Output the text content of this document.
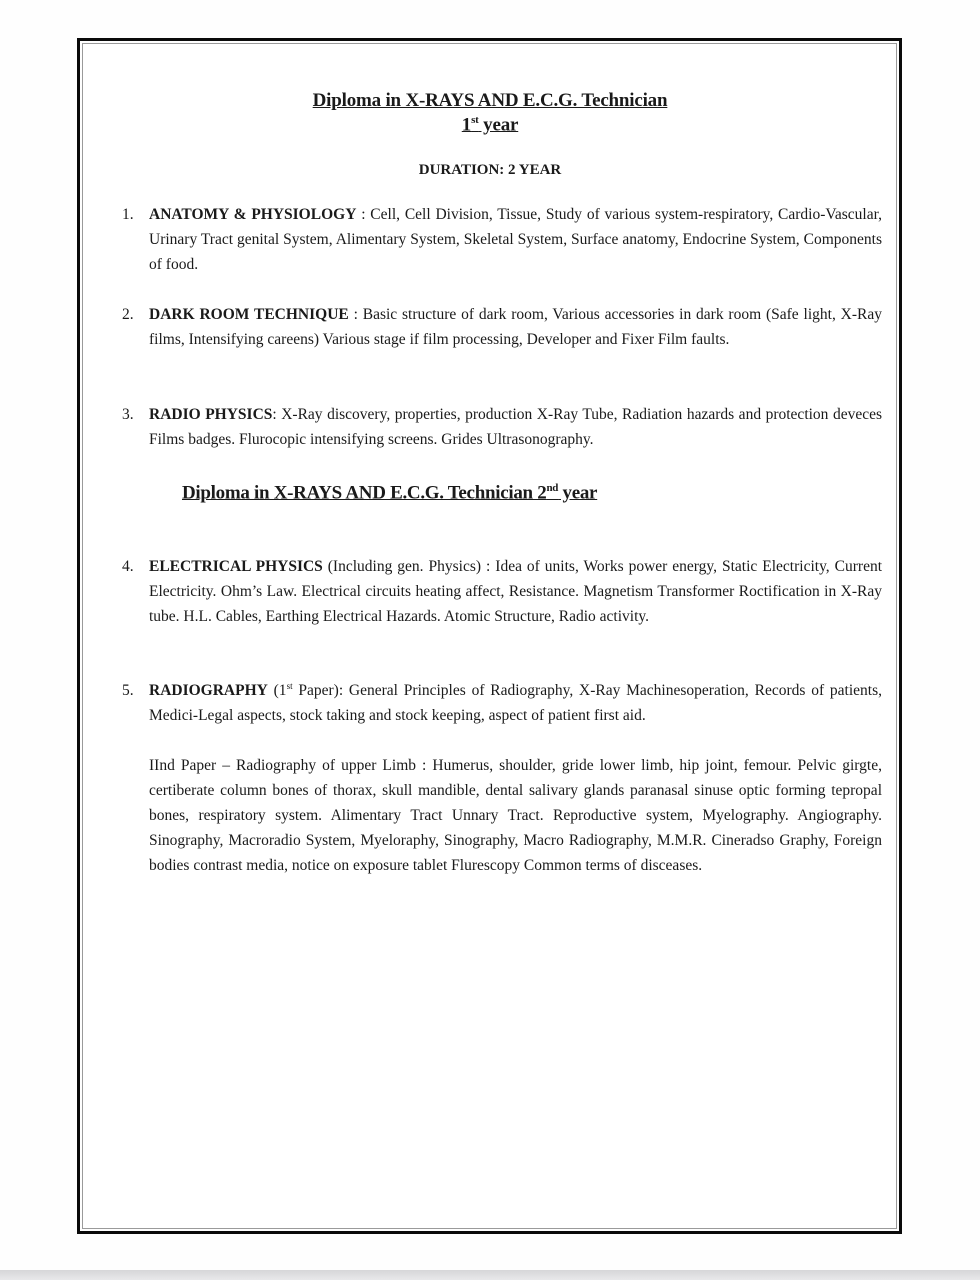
Diploma in X-RAYS AND E.C.G. Technician
1st year
DURATION: 2 YEAR
1. ANATOMY & PHYSIOLOGY : Cell, Cell Division, Tissue, Study of various system-respiratory, Cardio-Vascular, Urinary Tract genital System, Alimentary System, Skeletal System, Surface anatomy, Endocrine System, Components of food.
2. DARK ROOM TECHNIQUE : Basic structure of dark room, Various accessories in dark room (Safe light, X-Ray films, Intensifying careens) Various stage if film processing, Developer and Fixer Film faults.
3. RADIO PHYSICS: X-Ray discovery, properties, production X-Ray Tube, Radiation hazards and protection deveces Films badges. Flurocopic intensifying screens. Grides Ultrasonography.
Diploma in X-RAYS AND E.C.G. Technician 2nd year
4. ELECTRICAL PHYSICS (Including gen. Physics) : Idea of units, Works power energy, Static Electricity, Current Electricity. Ohm’s Law. Electrical circuits heating affect, Resistance. Magnetism Transformer Roctification in X-Ray tube. H.L. Cables, Earthing Electrical Hazards. Atomic Structure, Radio activity.
5. RADIOGRAPHY (1st Paper): General Principles of Radiography, X-Ray Machinesoperation, Records of patients, Medici-Legal aspects, stock taking and stock keeping, aspect of patient first aid.
IInd Paper – Radiography of upper Limb : Humerus, shoulder, gride lower limb, hip joint, femour. Pelvic girgte, certiberate column bones of thorax, skull mandible, dental salivary glands paranasal sinuse optic forming tepropal bones, respiratory system. Alimentary Tract Unnary Tract. Reproductive system, Myelography. Angiography. Sinography, Macroradio System, Myeloraphy, Sinography, Macro Radiography, M.M.R. Cineradso Graphy, Foreign bodies contrast media, notice on exposure tablet Flurescopy Common terms of disceases.
